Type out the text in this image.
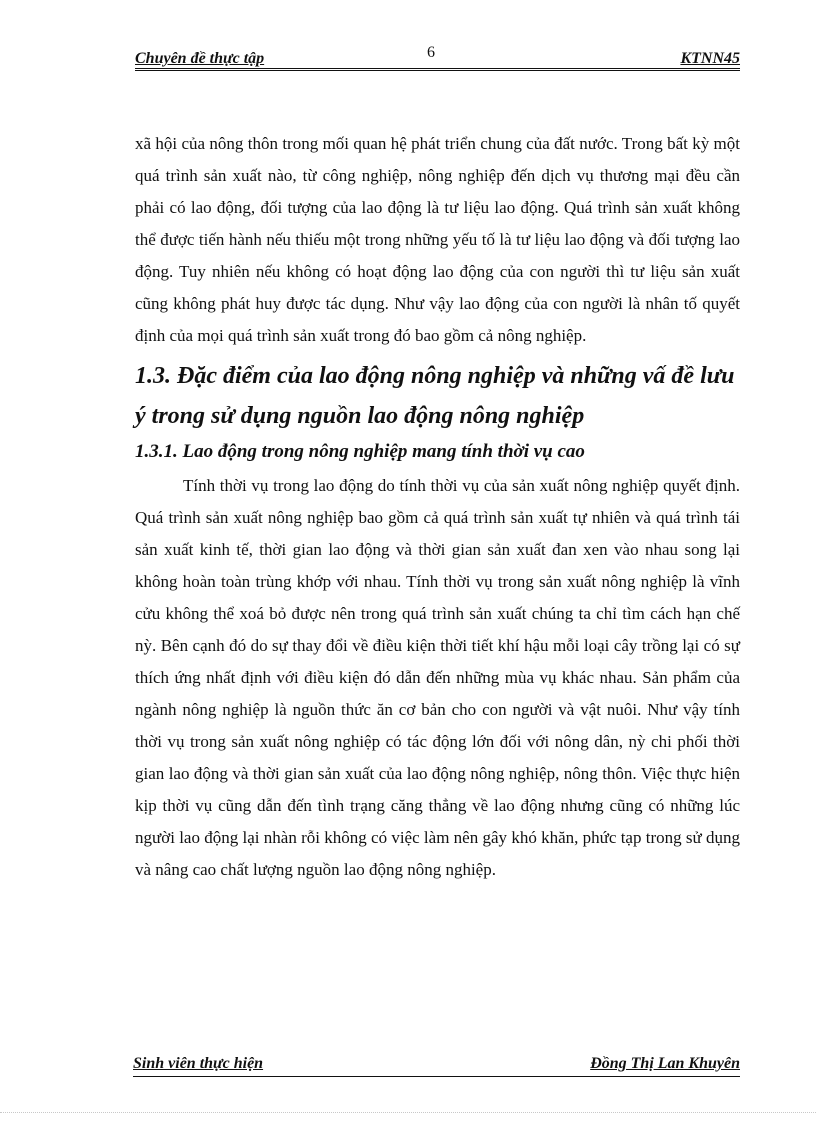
Chuyên đề thực tập	6	KTNN45

xã hội của nông thôn trong mối quan hệ phát triển chung của đất nước. Trong bất kỳ một quá trình sản xuất nào, từ công nghiệp, nông nghiệp đến dịch vụ thương mại đều cần phải có lao động, đối tượng của lao động là tư liệu lao động. Quá trình sản xuất không thể được tiến hành nếu thiếu một trong những yếu tố là tư liệu lao động và đối tượng lao động. Tuy nhiên nếu không có hoạt động lao động của con người thì tư liệu sản xuất cũng không phát huy được tác dụng. Như vậy lao động của con người là nhân tố quyết định của mọi quá trình sản xuất trong đó bao gồm cả nông nghiệp.

1.3. Đặc điểm của lao động nông nghiệp và những vấ đề lưu ý trong sử dụng nguồn lao động nông nghiệp
1.3.1. Lao động trong nông nghiệp mang tính thời vụ cao

Tính thời vụ trong lao động do tính thời vụ của sản xuất nông nghiệp quyết định. Quá trình sản xuất nông nghiệp bao gồm cả quá trình sản xuất tự nhiên và quá trình tái sản xuất kinh tế, thời gian lao động và thời gian sản xuất đan xen vào nhau song lại không hoàn toàn trùng khớp với nhau. Tính thời vụ trong sản xuất nông nghiệp là vĩnh cửu không thể xoá bỏ được nên trong quá trình sản xuất chúng ta chỉ tìm cách hạn chế nỳ. Bên cạnh đó do sự thay đổi về điều kiện thời tiết khí hậu mỗi loại cây trồng lại có sự thích ứng nhất định với điều kiện đó dẫn đến những mùa vụ khác nhau. Sản phẩm của ngành nông nghiệp là nguồn thức ăn cơ bản cho con người và vật nuôi. Như vậy tính thời vụ trong sản xuất nông nghiệp có tác động lớn đối với nông dân, nỳ chi phối thời gian lao động và thời gian sản xuất của lao động nông nghiệp, nông thôn. Việc thực hiện kịp thời vụ cũng dẫn đến tình trạng căng thẳng về lao động nhưng cũng có những lúc người lao động lại nhàn rỗi không có việc làm nên gây khó khăn, phức tạp trong sử dụng và nâng cao chất lượng nguồn lao động nông nghiệp.

Sinh viên thực hiện	Đồng Thị Lan Khuyên
